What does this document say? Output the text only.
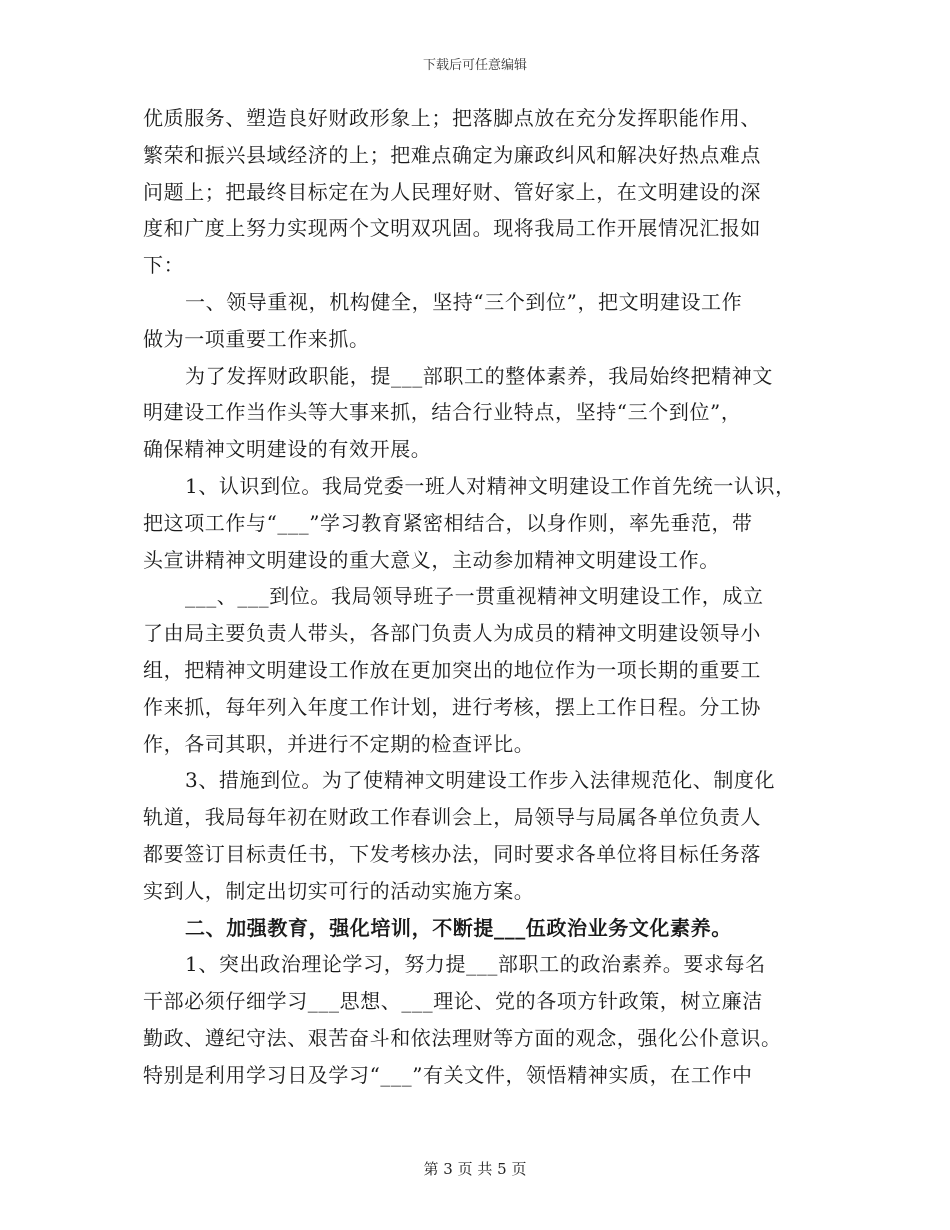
下载后可任意编辑
优质服务、塑造良好财政形象上；把落脚点放在充分发挥职能作用、
繁荣和振兴县域经济的上；把难点确定为廉政纠风和解决好热点难点
问题上；把最终目标定在为人民理好财、管好家上，在文明建设的深
度和广度上努力实现两个文明双巩固。现将我局工作开展情况汇报如
下：
一、领导重视，机构健全，坚持“三个到位”，把文明建设工作
做为一项重要工作来抓。
为了发挥财政职能，提___部职工的整体素养，我局始终把精神文
明建设工作当作头等大事来抓，结合行业特点，坚持“三个到位”，
确保精神文明建设的有效开展。
1、认识到位。我局党委一班人对精神文明建设工作首先统一认识，
把这项工作与“___”学习教育紧密相结合，以身作则，率先垂范，带
头宣讲精神文明建设的重大意义，主动参加精神文明建设工作。
___、___到位。我局领导班子一贯重视精神文明建设工作，成立
了由局主要负责人带头，各部门负责人为成员的精神文明建设领导小
组，把精神文明建设工作放在更加突出的地位作为一项长期的重要工
作来抓，每年列入年度工作计划，进行考核，摆上工作日程。分工协
作，各司其职，并进行不定期的检查评比。
3、措施到位。为了使精神文明建设工作步入法律规范化、制度化
轨道，我局每年初在财政工作春训会上，局领导与局属各单位负责人
都要签订目标责任书，下发考核办法，同时要求各单位将目标任务落
实到人，制定出切实可行的活动实施方案。
二、加强教育，强化培训，不断提___伍政治业务文化素养。
1、突出政治理论学习，努力提___部职工的政治素养。要求每名
干部必须仔细学习___思想、___理论、党的各项方针政策，树立廉洁
勤政、遵纪守法、艰苦奋斗和依法理财等方面的观念，强化公仆意识。
特别是利用学习日及学习“___”有关文件，领悟精神实质，在工作中
第 3 页 共 5 页
